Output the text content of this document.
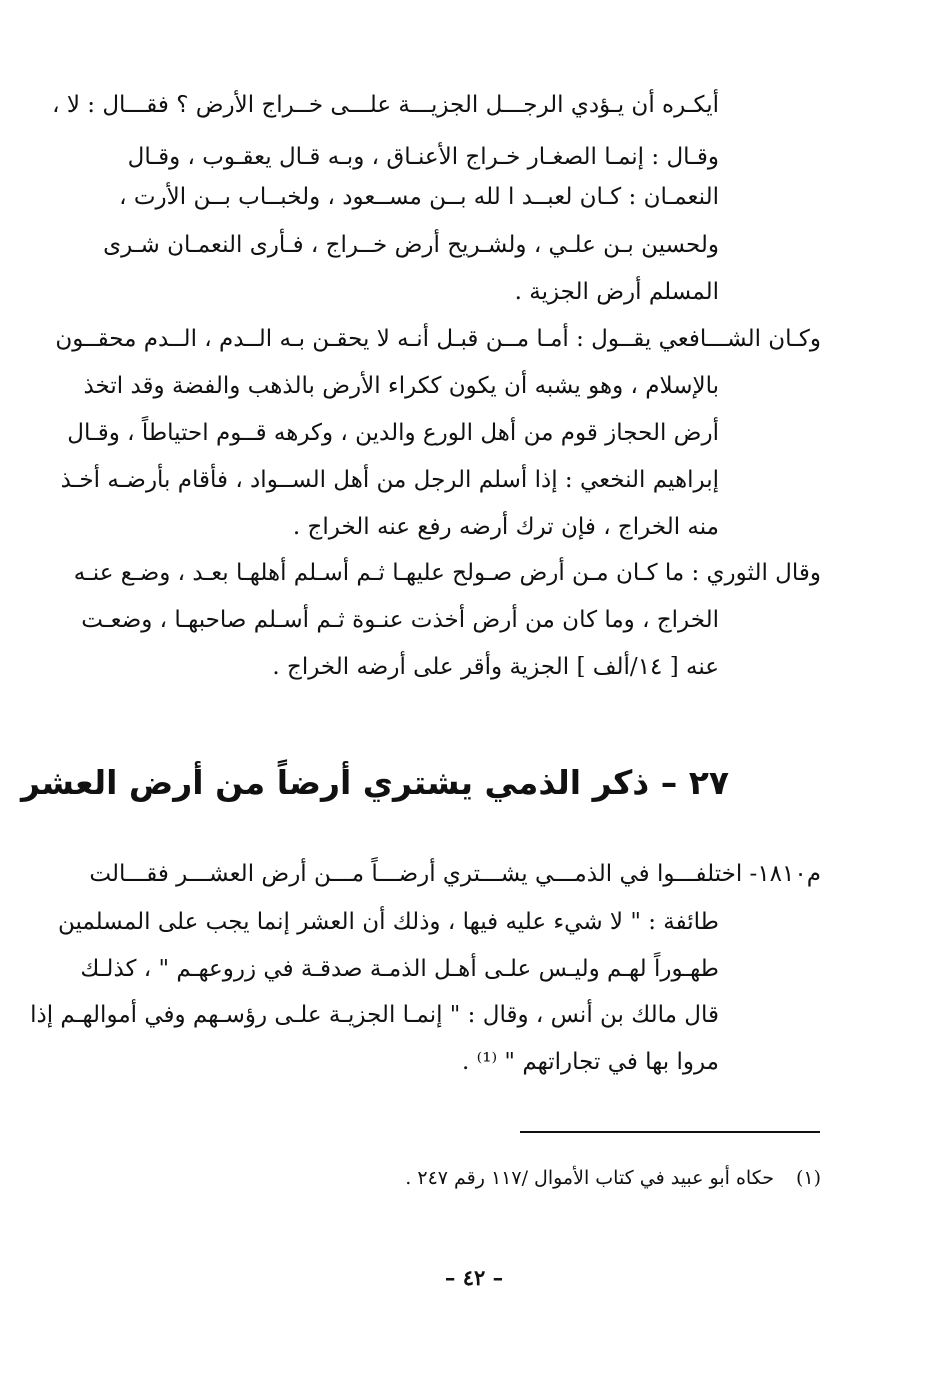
أيكـره أن يـؤدي الرجـــل الجزيـــة علـــى خــراج الأرض ؟ فقـــال : لا ،
وقـال : إنمـا الصغـار خـراج الأعنـاق ، وبـه قـال يعقـوب ، وقـال
النعمـان : كـان لعبــد ا لله بــن مســعود ، ولخبــاب بــن الأرت ،
ولحسين بـن علـي ، ولشـريح أرض خــراج ، فـأرى النعمـان شـرى
المسلم أرض الجزية .
وكـان الشـــافعي يقــول : أمـا مــن قبـل أنـه لا يحقـن بـه الــدم ، الــدم محقــون
بالإسلام ، وهو يشبه أن يكون ككراء الأرض بالذهب والفضة وقد اتخذ
أرض الحجاز قوم من أهل الورع والدين ، وكرهه قــوم احتياطاً ، وقـال
إبراهيم النخعي : إذا أسلم الرجل من أهل الســواد ، فأقام بأرضـه أخـذ
منه الخراج ، فإن ترك أرضه رفع عنه الخراج .
وقال الثوري : ما كـان مـن أرض صـولح عليهـا ثـم أسـلم أهلهـا بعـد ، وضـع عنـه
الخراج ، وما كان من أرض أخذت عنـوة ثـم أسـلم صاحبهـا ، وضعـت
عنه [ ١٤/ألف ] الجزية وأقر على أرضه الخراج .
٢٧ – ذكر الذمي يشتري أرضاً من أرض العشر
م١٨١٠- اختلفـــوا في الذمـــي يشـــتري أرضـــاً مـــن أرض العشـــر فقـــالت
طائفة : " لا شيء عليه فيها ، وذلك أن العشر إنما يجب على المسلمين
طهـوراً لهـم وليـس علـى أهـل الذمـة صدقـة في زروعهـم " ، كذلـك
قال مالك بن أنس ، وقال : " إنمـا الجزيـة علـى رؤسـهم وفي أموالهـم إذا
مروا بها في تجاراتهم " ⁽¹⁾ .
(١)حكاه أبو عبيد في كتاب الأموال /١١٧ رقم ٢٤٧ .
– ٤٢ –
